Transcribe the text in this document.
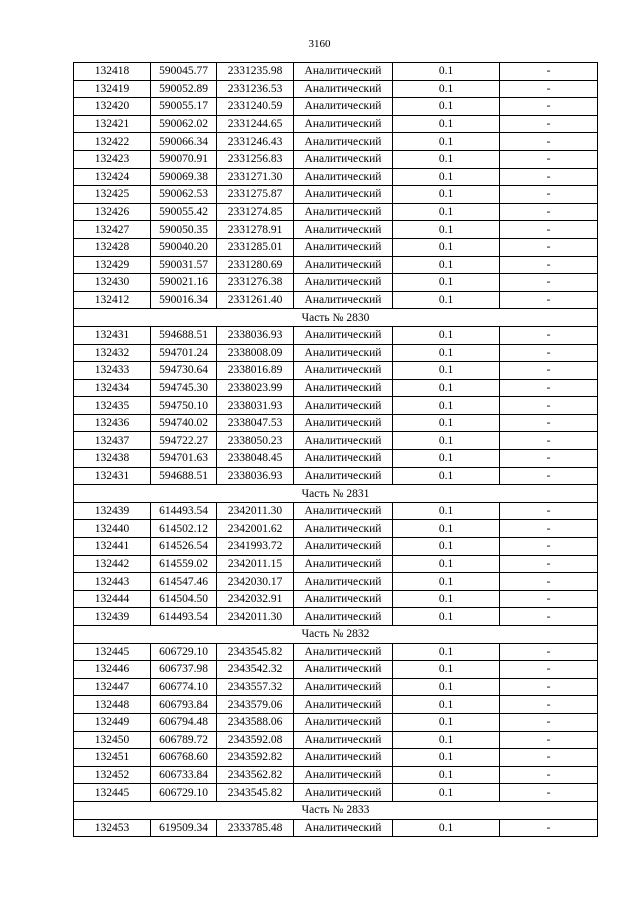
3160
132418	590045.77	2331235.98	Аналитический	0.1	-
132419	590052.89	2331236.53	Аналитический	0.1	-
132420	590055.17	2331240.59	Аналитический	0.1	-
132421	590062.02	2331244.65	Аналитический	0.1	-
132422	590066.34	2331246.43	Аналитический	0.1	-
132423	590070.91	2331256.83	Аналитический	0.1	-
132424	590069.38	2331271.30	Аналитический	0.1	-
132425	590062.53	2331275.87	Аналитический	0.1	-
132426	590055.42	2331274.85	Аналитический	0.1	-
132427	590050.35	2331278.91	Аналитический	0.1	-
132428	590040.20	2331285.01	Аналитический	0.1	-
132429	590031.57	2331280.69	Аналитический	0.1	-
132430	590021.16	2331276.38	Аналитический	0.1	-
132412	590016.34	2331261.40	Аналитический	0.1	-
Часть № 2830					
132431	594688.51	2338036.93	Аналитический	0.1	-
132432	594701.24	2338008.09	Аналитический	0.1	-
132433	594730.64	2338016.89	Аналитический	0.1	-
132434	594745.30	2338023.99	Аналитический	0.1	-
132435	594750.10	2338031.93	Аналитический	0.1	-
132436	594740.02	2338047.53	Аналитический	0.1	-
132437	594722.27	2338050.23	Аналитический	0.1	-
132438	594701.63	2338048.45	Аналитический	0.1	-
132431	594688.51	2338036.93	Аналитический	0.1	-
Часть № 2831					
132439	614493.54	2342011.30	Аналитический	0.1	-
132440	614502.12	2342001.62	Аналитический	0.1	-
132441	614526.54	2341993.72	Аналитический	0.1	-
132442	614559.02	2342011.15	Аналитический	0.1	-
132443	614547.46	2342030.17	Аналитический	0.1	-
132444	614504.50	2342032.91	Аналитический	0.1	-
132439	614493.54	2342011.30	Аналитический	0.1	-
Часть № 2832					
132445	606729.10	2343545.82	Аналитический	0.1	-
132446	606737.98	2343542.32	Аналитический	0.1	-
132447	606774.10	2343557.32	Аналитический	0.1	-
132448	606793.84	2343579.06	Аналитический	0.1	-
132449	606794.48	2343588.06	Аналитический	0.1	-
132450	606789.72	2343592.08	Аналитический	0.1	-
132451	606768.60	2343592.82	Аналитический	0.1	-
132452	606733.84	2343562.82	Аналитический	0.1	-
132445	606729.10	2343545.82	Аналитический	0.1	-
Часть № 2833					
132453	619509.34	2333785.48	Аналитический	0.1	-
